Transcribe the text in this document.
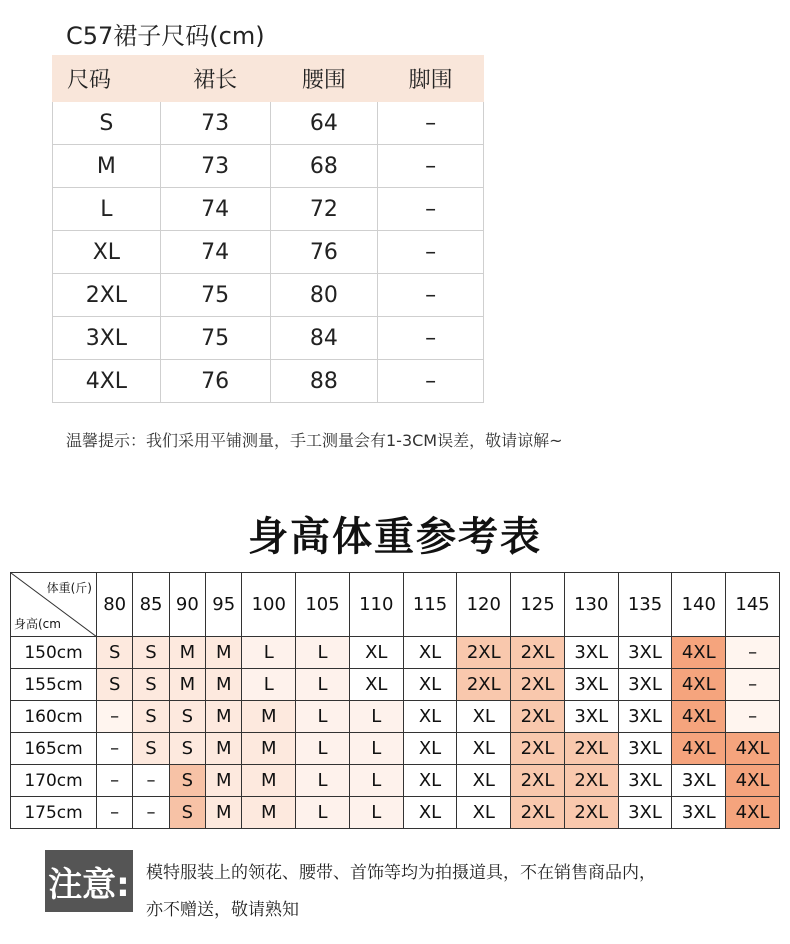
C57裙子尺码(cm)
尺码	裙长	腰围	脚围
S	73	64	–
M	73	68	–
L	74	72	–
XL	74	76	–
2XL	75	80	–
3XL	75	84	–
4XL	76	88	–
温馨提示：我们采用平铺测量，手工测量会有1-3CM误差，敬请谅解~
身高体重参考表
体重(斤)
身高(cm	80	85	90	95	100	105	110	115	120	125	130	135	140	145
150cm	S	S	M	M	L	L	XL	XL	2XL	2XL	3XL	3XL	4XL	–
155cm	S	S	M	M	L	L	XL	XL	2XL	2XL	3XL	3XL	4XL	–
160cm	–	S	S	M	M	L	L	XL	XL	2XL	3XL	3XL	4XL	–
165cm	–	S	S	M	M	L	L	XL	XL	2XL	2XL	3XL	4XL	4XL
170cm	–	–	S	M	M	L	L	XL	XL	2XL	2XL	3XL	3XL	4XL
175cm	–	–	S	M	M	L	L	XL	XL	2XL	2XL	3XL	3XL	4XL
注意: 模特服装上的领花、腰带、首饰等均为拍摄道具，不在销售商品内，
亦不赠送，敬请熟知
